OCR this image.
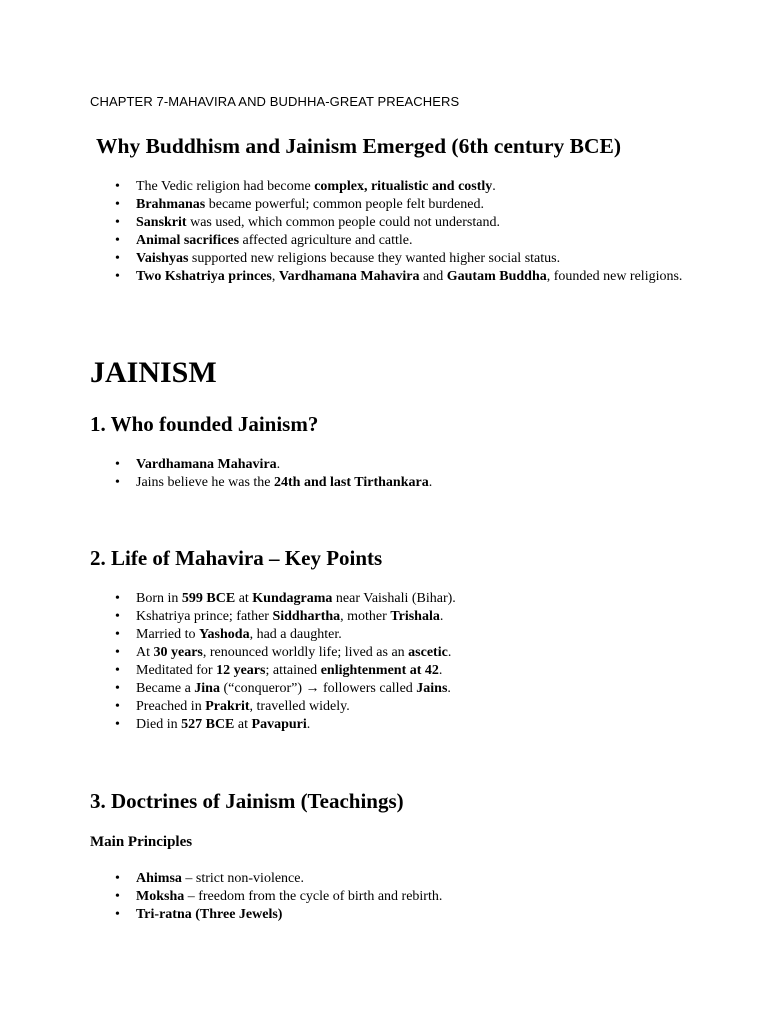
CHAPTER 7-MAHAVIRA AND BUDHHA-GREAT PREACHERS
Why Buddhism and Jainism Emerged (6th century BCE)
• The Vedic religion had become complex, ritualistic and costly.
• Brahmanas became powerful; common people felt burdened.
• Sanskrit was used, which common people could not understand.
• Animal sacrifices affected agriculture and cattle.
• Vaishyas supported new religions because they wanted higher social status.
• Two Kshatriya princes, Vardhamana Mahavira and Gautam Buddha, founded new religions.
JAINISM
1. Who founded Jainism?
• Vardhamana Mahavira.
• Jains believe he was the 24th and last Tirthankara.
2. Life of Mahavira – Key Points
• Born in 599 BCE at Kundagrama near Vaishali (Bihar).
• Kshatriya prince; father Siddhartha, mother Trishala.
• Married to Yashoda, had a daughter.
• At 30 years, renounced worldly life; lived as an ascetic.
• Meditated for 12 years; attained enlightenment at 42.
• Became a Jina (“conqueror”) → followers called Jains.
• Preached in Prakrit, travelled widely.
• Died in 527 BCE at Pavapuri.
3. Doctrines of Jainism (Teachings)
Main Principles
• Ahimsa – strict non-violence.
• Moksha – freedom from the cycle of birth and rebirth.
• Tri-ratna (Three Jewels)
